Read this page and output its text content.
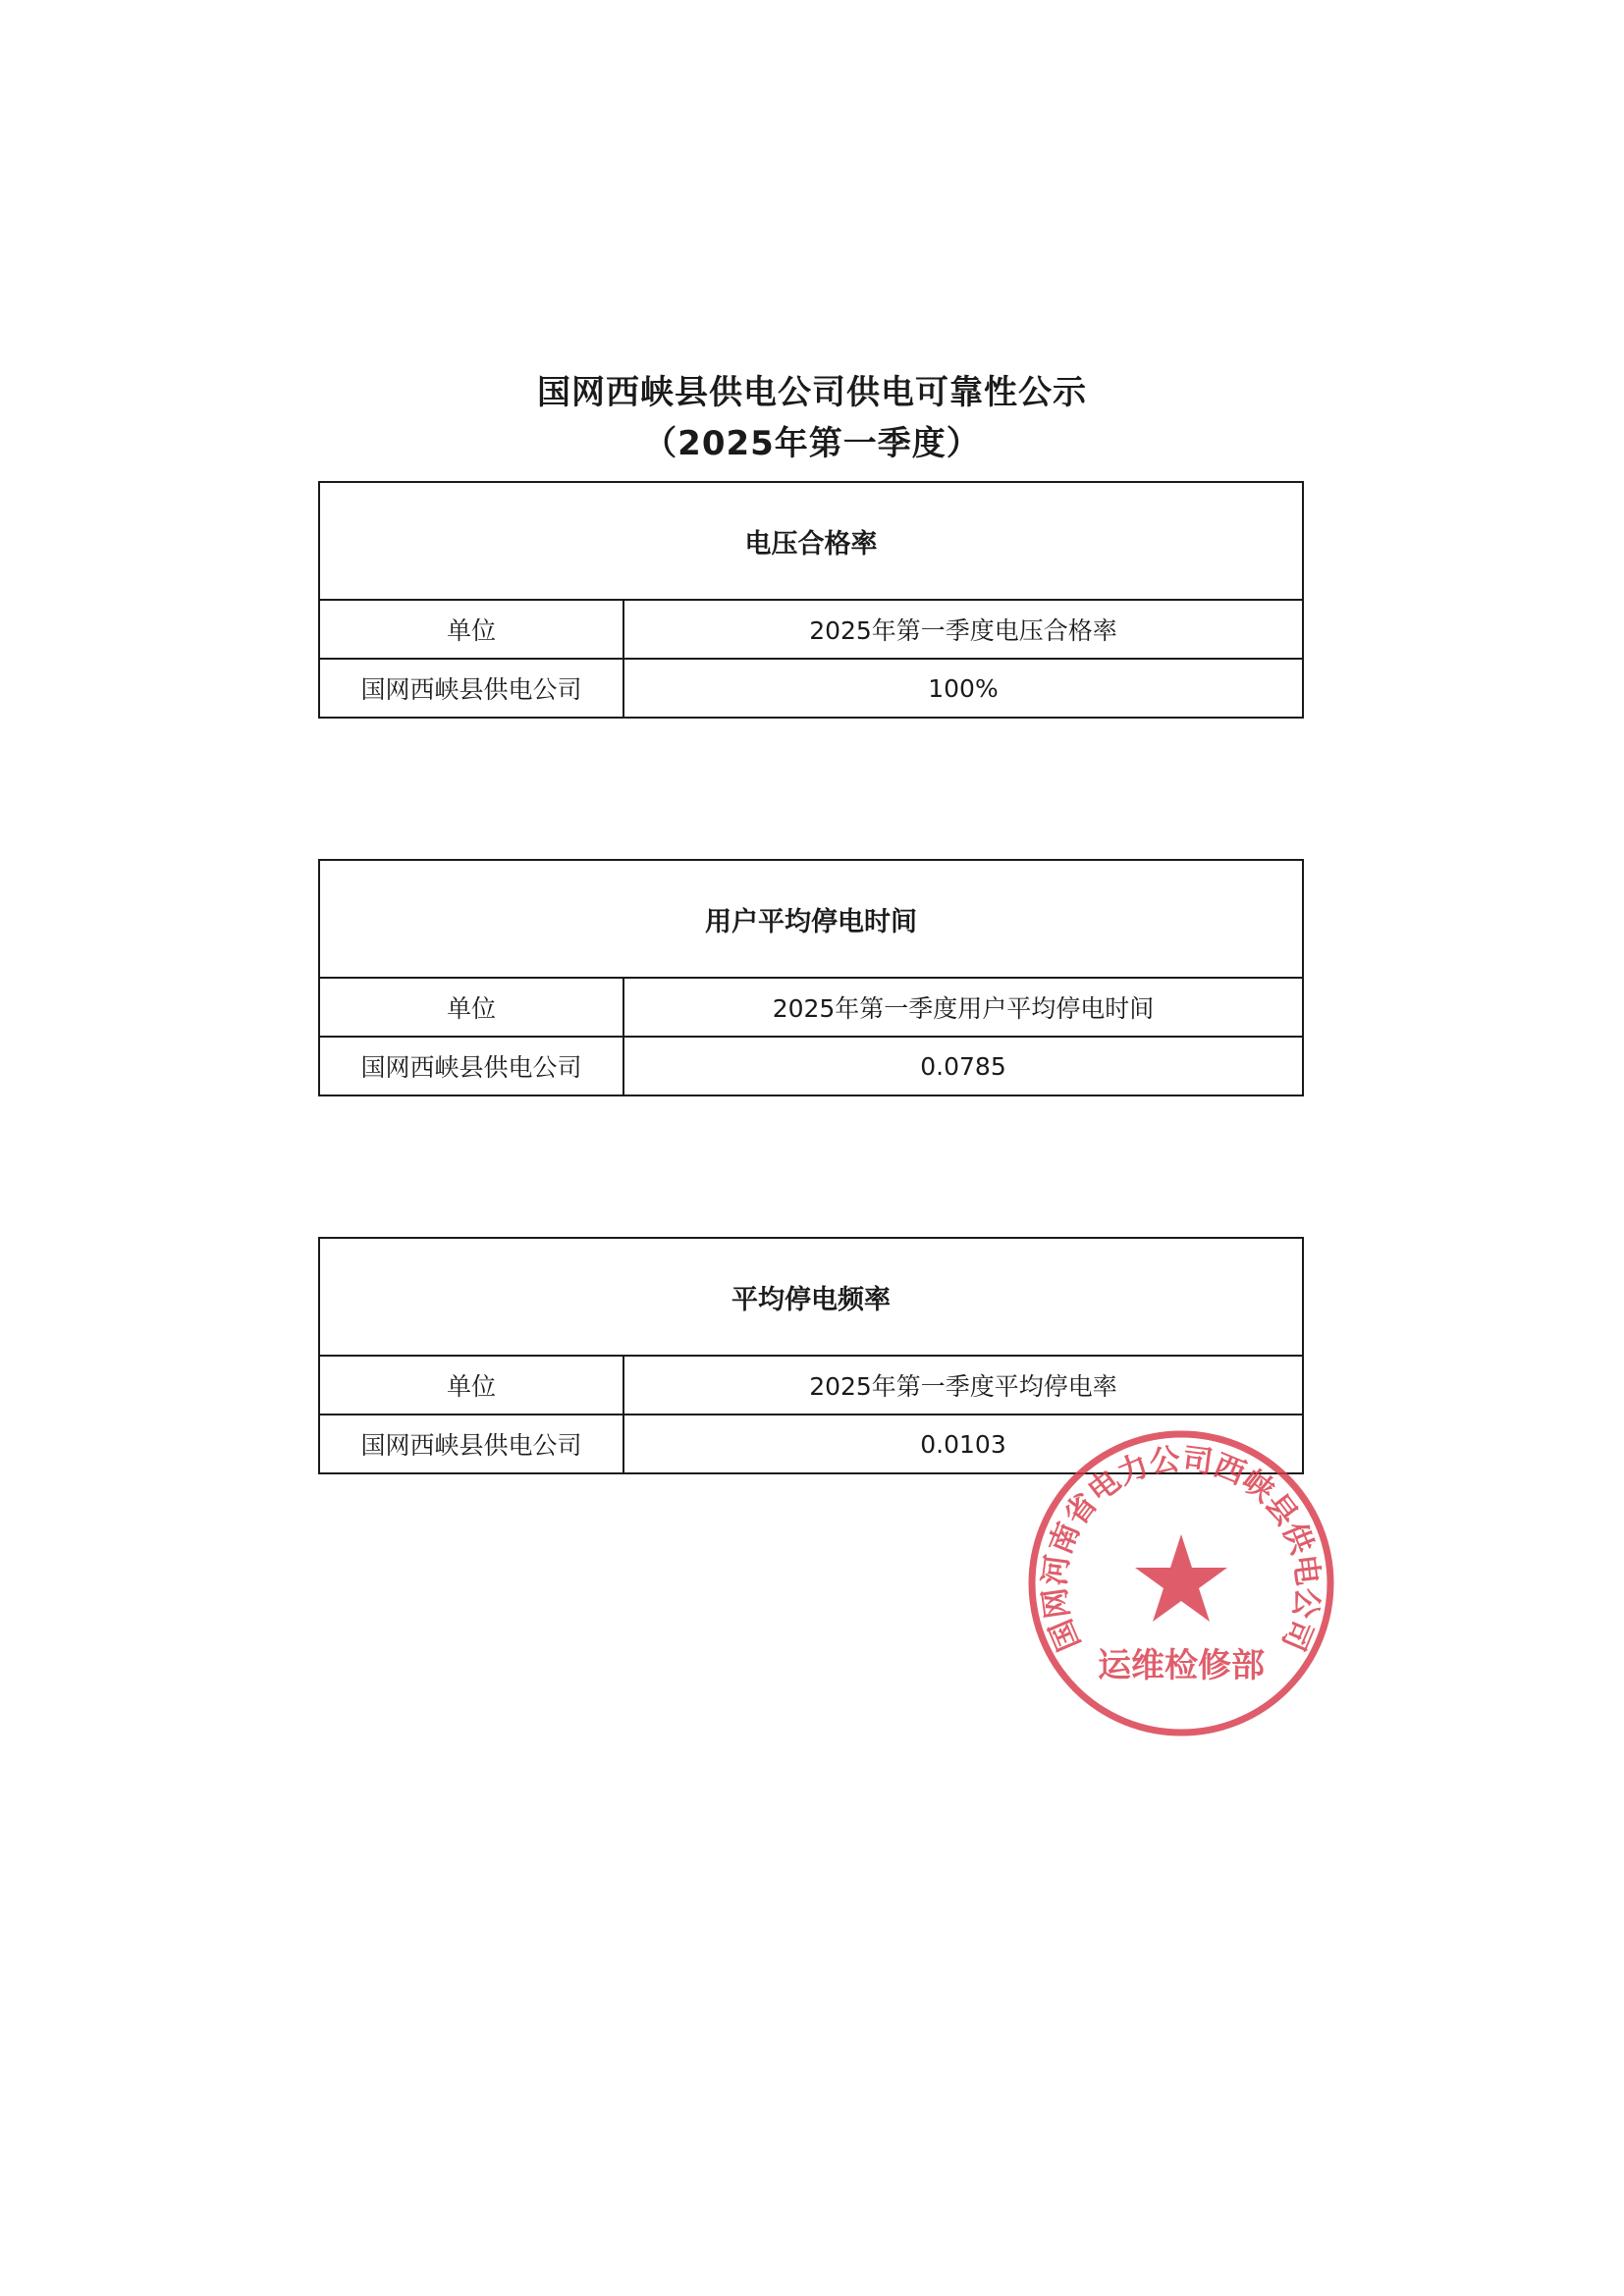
国网西峡县供电公司供电可靠性公示
（2025年第一季度）
电压合格率	
单位	2025年第一季度电压合格率
国网西峡县供电公司	100%
用户平均停电时间	
单位	2025年第一季度用户平均停电时间
国网西峡县供电公司	0.0785
平均停电频率	
单位	2025年第一季度平均停电率
国网西峡县供电公司	0.0103
国网河南省电力公司西峡县供电公司
运维检修部
